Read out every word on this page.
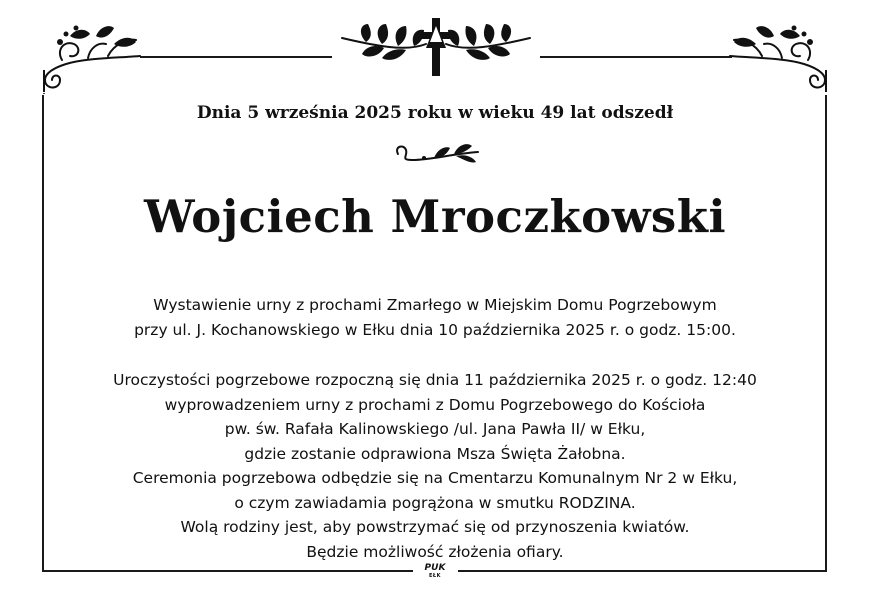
Dnia 5 września 2025 roku w wieku 49 lat odszedł
Wojciech Mroczkowski
Wystawienie urny z prochami Zmarłego w Miejskim Domu Pogrzebowym
przy ul. J. Kochanowskiego w Ełku dnia 10 października 2025 r. o godz. 15:00.
Uroczystości pogrzebowe rozpoczną się dnia 11 października 2025 r. o godz. 12:40
wyprowadzeniem urny z prochami z Domu Pogrzebowego do Kościoła
pw. św. Rafała Kalinowskiego /ul. Jana Pawła II/ w Ełku,
gdzie zostanie odprawiona Msza Święta Żałobna.
Ceremonia pogrzebowa odbędzie się na Cmentarzu Komunalnym Nr 2 w Ełku,
o czym zawiadamia pogrążona w smutku RODZINA.
Wolą rodziny jest, aby powstrzymać się od przynoszenia kwiatów.
Będzie możliwość złożenia ofiary.
PUK
EŁK
